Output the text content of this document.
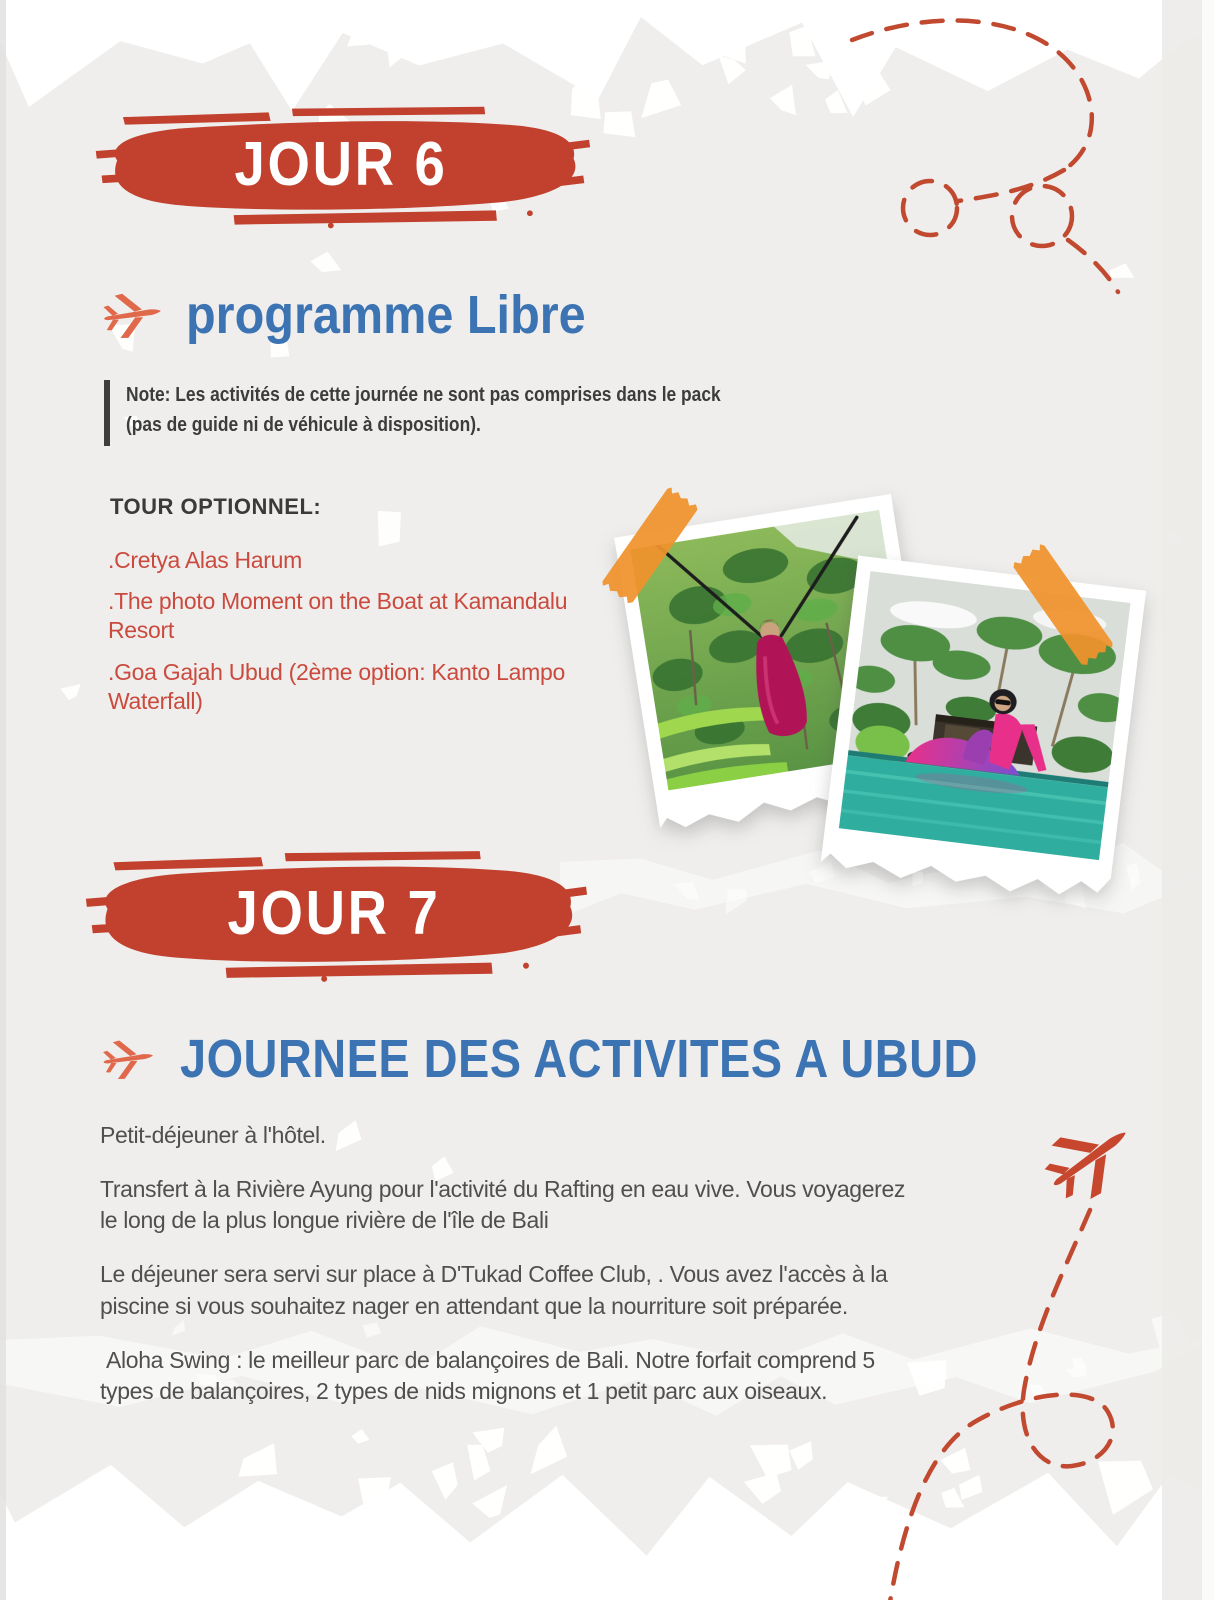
JOUR 6
programme Libre
Note: Les activités de cette journée ne sont pas comprises dans le pack
(pas de guide ni de véhicule à disposition).
TOUR OPTIONNEL:
.Cretya Alas Harum
.The photo Moment on the Boat at Kamandalu Resort
.Goa Gajah Ubud (2ème option: Kanto Lampo Waterfall)
JOUR 7
JOURNEE DES ACTIVITES A UBUD

Petit-déjeuner à l'hôtel.

Transfert à la Rivière Ayung pour l'activité du Rafting en eau vive. Vous voyagerez le long de la plus longue rivière de l'île de Bali

Le déjeuner sera servi sur place à D'Tukad Coffee Club, . Vous avez l'accès à la piscine si vous souhaitez nager en attendant que la nourriture soit préparée.

Aloha Swing : le meilleur parc de balançoires de Bali. Notre forfait comprend 5 types de balançoires, 2 types de nids mignons et 1 petit parc aux oiseaux.
